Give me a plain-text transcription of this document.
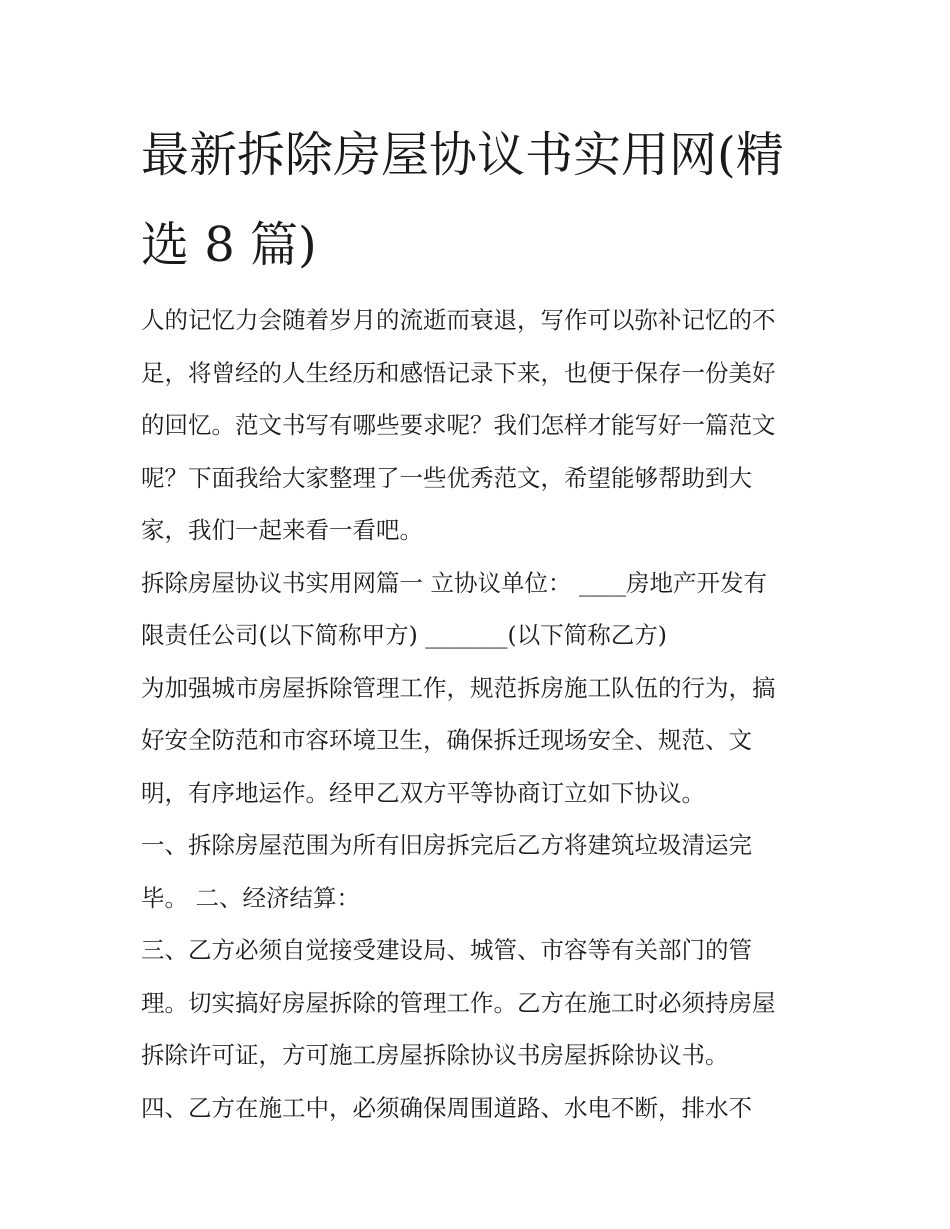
最新拆除房屋协议书实用网(精
选 8 篇)

人的记忆力会随着岁月的流逝而衰退，写作可以弥补记忆的不
足，将曾经的人生经历和感悟记录下来，也便于保存一份美好
的回忆。范文书写有哪些要求呢？我们怎样才能写好一篇范文
呢？下面我给大家整理了一些优秀范文，希望能够帮助到大
家，我们一起来看一看吧。

拆除房屋协议书实用网篇一 立协议单位： ____房地产开发有
限责任公司(以下简称甲方) _______(以下简称乙方)

为加强城市房屋拆除管理工作，规范拆房施工队伍的行为，搞
好安全防范和市容环境卫生，确保拆迁现场安全、规范、文
明，有序地运作。经甲乙双方平等协商订立如下协议。

一、拆除房屋范围为所有旧房拆完后乙方将建筑垃圾清运完
毕。 二、经济结算：

三、乙方必须自觉接受建设局、城管、市容等有关部门的管
理。切实搞好房屋拆除的管理工作。乙方在施工时必须持房屋
拆除许可证，方可施工房屋拆除协议书房屋拆除协议书。

四、乙方在施工中，必须确保周围道路、水电不断，排水不
